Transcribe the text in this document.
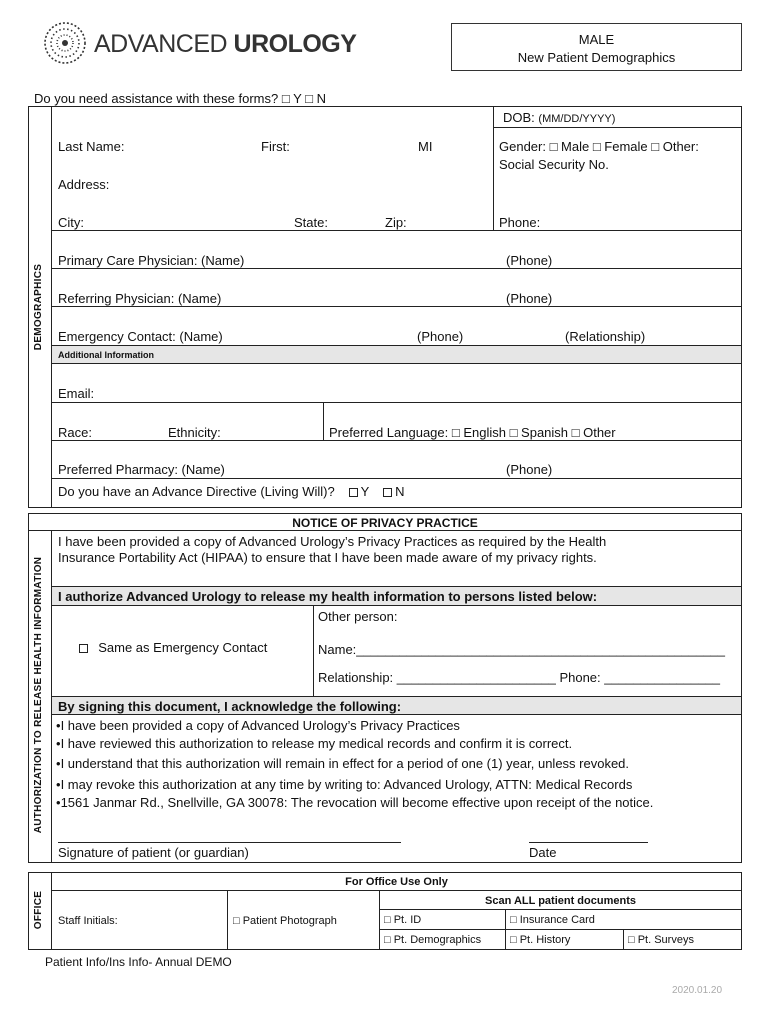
ADVANCED UROLOGY	MALE
New Patient Demographics
Do you need assistance with these forms? □ Y □ N
DEMOGRAPHICS
DOB: (MM/DD/YYYY)
Last Name:	First:	MI	Gender: □ Male □ Female □ Other:
Social Security No.
Address:
City:	State:	Zip:	Phone:
Primary Care Physician: (Name)	(Phone)
Referring Physician: (Name)	(Phone)
Emergency Contact: (Name)	(Phone)	(Relationship)
Additional Information
Email:
Race:	Ethnicity:	Preferred Language: □ English □ Spanish □ Other
Preferred Pharmacy: (Name)	(Phone)
Do you have an Advance Directive (Living Will)? Y N
AUTHORIZATION TO RELEASE HEALTH INFORMATION
NOTICE OF PRIVACY PRACTICE
I have been provided a copy of Advanced Urology’s Privacy Practices as required by the Health
Insurance Portability Act (HIPAA) to ensure that I have been made aware of my privacy rights.
I authorize Advanced Urology to release my health information to persons listed below:
Other person:
Same as Emergency Contact	Name:___________________________________________________
Relationship: ______________________ Phone: ________________
By signing this document, I acknowledge the following:
•I have been provided a copy of Advanced Urology’s Privacy Practices
•I have reviewed this authorization to release my medical records and confirm it is correct.
•I understand that this authorization will remain in effect for a period of one (1) year, unless revoked.
•I may revoke this authorization at any time by writing to: Advanced Urology, ATTN: Medical Records
•1561 Janmar Rd., Snellville, GA 30078: The revocation will become effective upon receipt of the notice.
Signature of patient (or guardian)	Date
OFFICE
For Office Use Only
Scan ALL patient documents
Staff Initials:	□ Patient Photograph	□ Pt. ID	□ Insurance Card
□ Pt. Demographics	□ Pt. History	□ Pt. Surveys
Patient Info/Ins Info- Annual DEMO
2020.01.20
